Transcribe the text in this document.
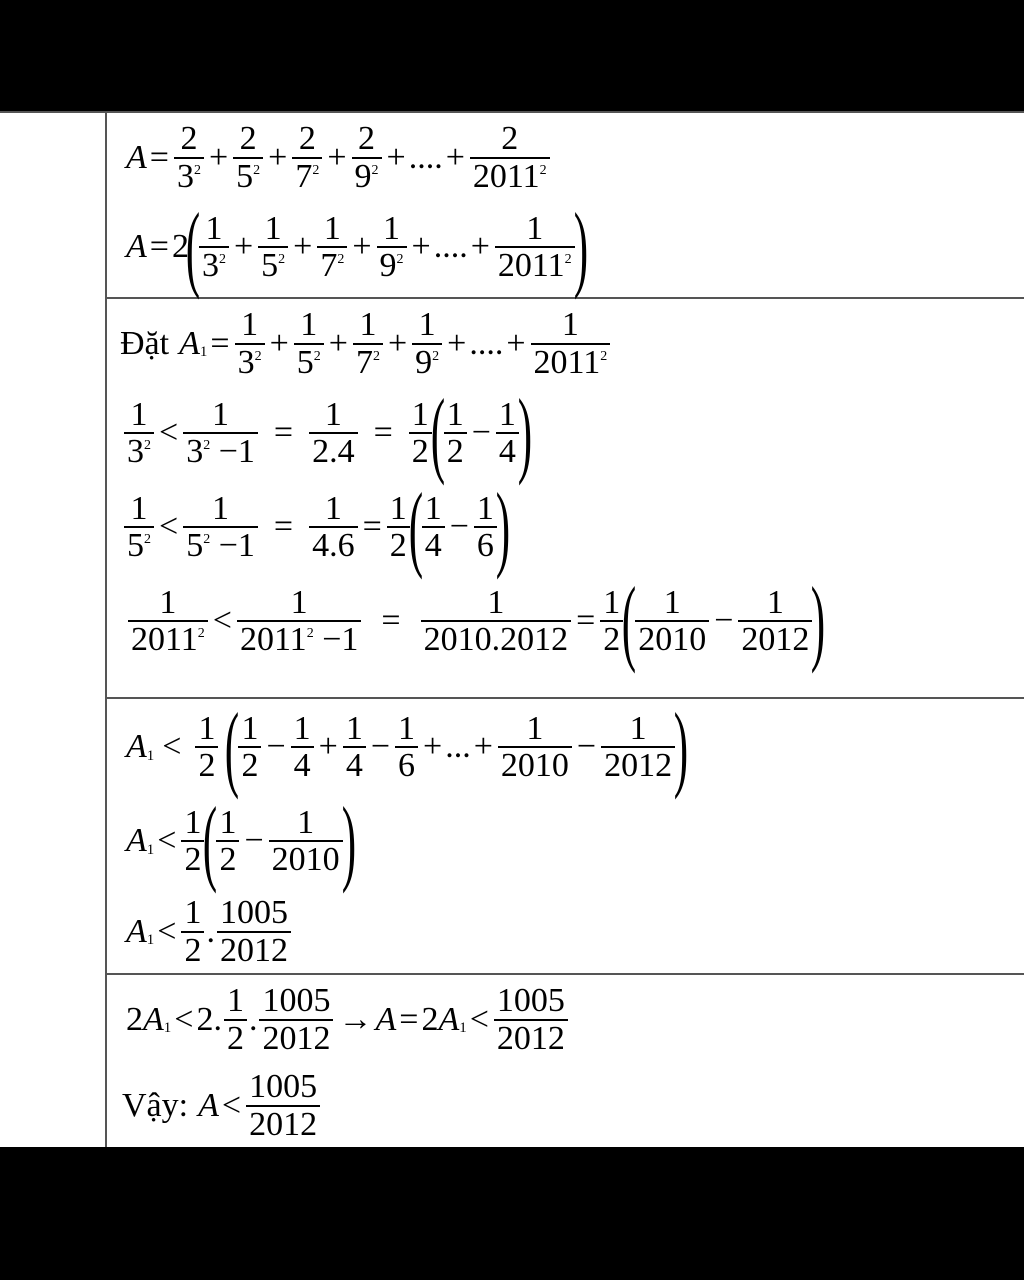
$A = \frac{2}{3^2} + \frac{2}{5^2} + \frac{2}{7^2} + \frac{2}{9^2}$ + .... + $\frac{2}{2011^2}$
A = 2
(
$\frac{1}{3^2} + \frac{1}{5^2} + \frac{1}{7^2} + \frac{1}{9^2}$ + .... + $\frac{1}{2011^2}$
)
Đặt A $1 = \frac{1}{3^2} + \frac{1}{5^2} + \frac{1}{7^2} + \frac{1}{9^2}$ + .... + $\frac{1}{2011^2}$
$\frac{1}{3^2} < \frac{1}{3^2 -1} = \frac{1}{2.4} = \frac{1}{2}$
(
$\frac{1}{2} - \frac{1}{4}$
)
$\frac{1}{5^2} < \frac{1}{5^2 -1} = \frac{1}{4.6} = \frac{1}{2}$
(
$\frac{1}{4} - \frac{1}{6}$
)
$\frac{1}{2011^2} < \frac{1}{2011^2 -1} = \frac{1}{2010.2012} = \frac{1}{2}$
(
$\frac{1}{2010} - \frac{1}{2012}$
)
A $1 < \frac{1}{2}$ (
$\frac{1}{2} - \frac{1}{4} + \frac{1}{4} - \frac{1}{6}$ + ... + $\frac{1}{2010} - \frac{1}{2012}$
)
A $1 < \frac{1}{2}$
(
$\frac{1}{2} - \frac{1}{2010}$
)
A $1 < \frac{1}{2}$ . $\frac{1005}{2012}$
2 A 1 < 2. $\frac{1}{2}$ . $\frac{1005}{2012} \to A = 2$ A $1 < \frac{1005}{2012}$
Vậy: $A < \frac{1005}{2012}$
